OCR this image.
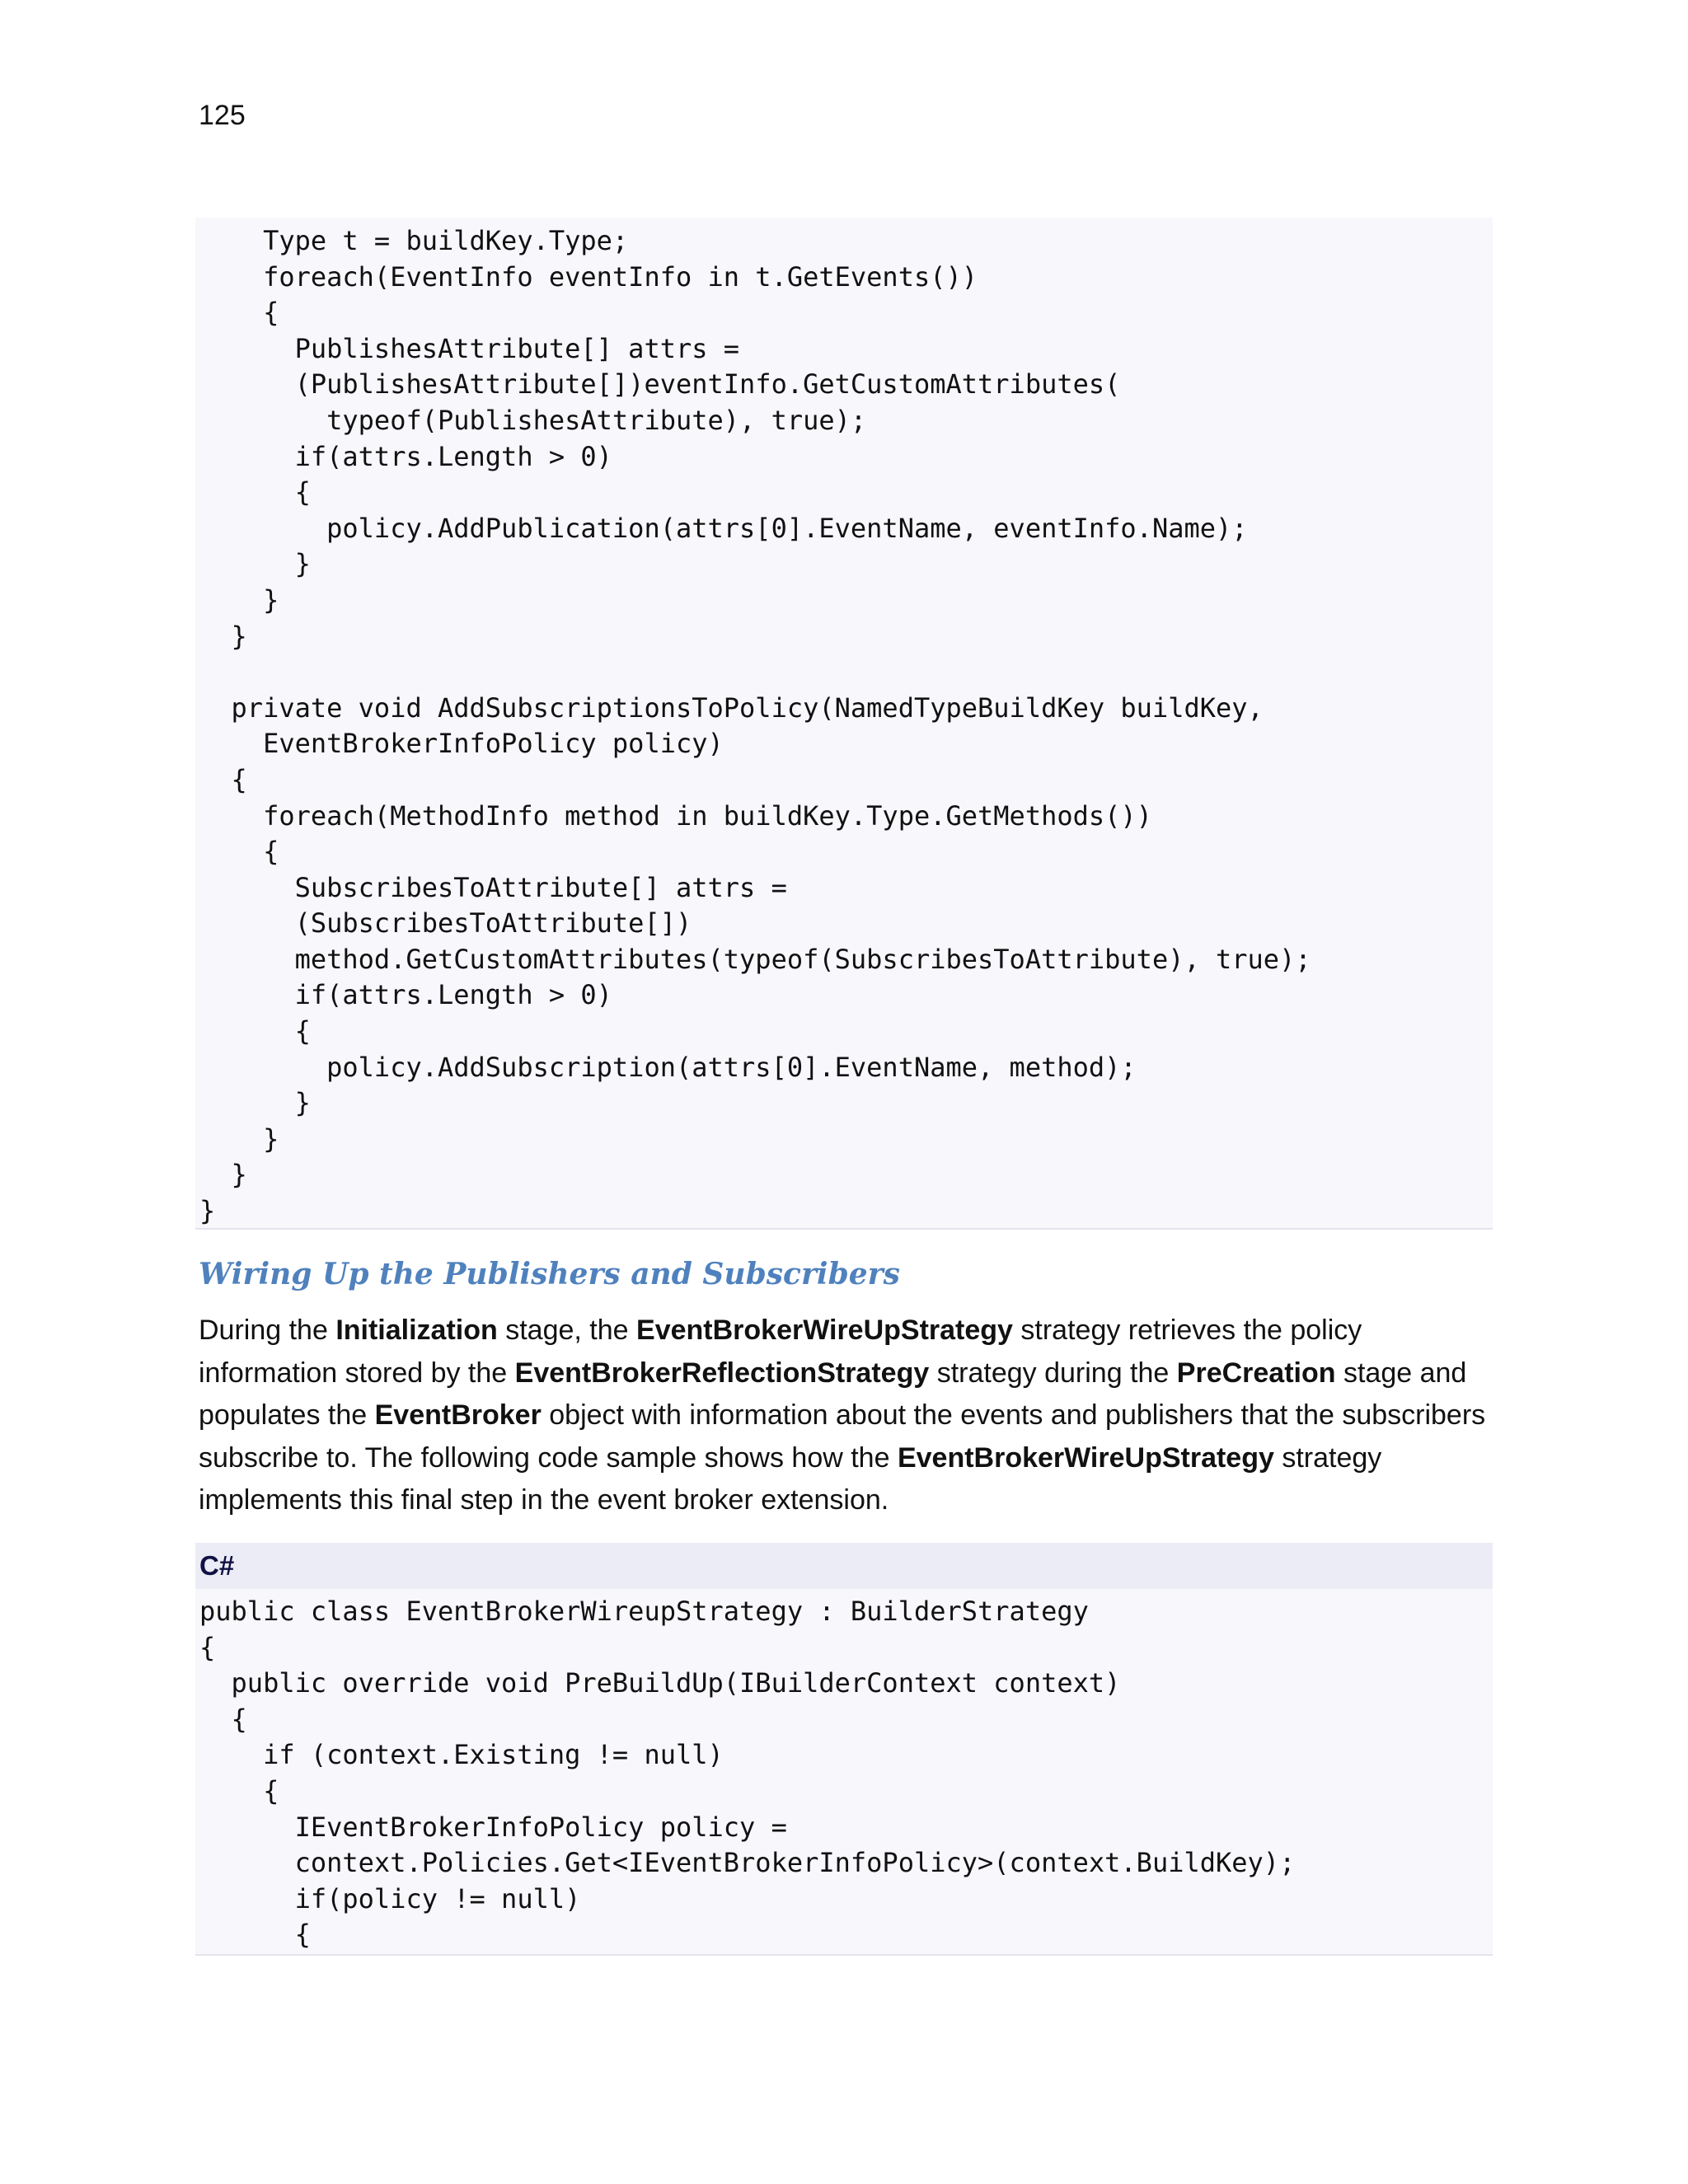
125
Type t = buildKey.Type;
foreach(EventInfo eventInfo in t.GetEvents())
{
PublishesAttribute[] attrs =
(PublishesAttribute[])eventInfo.GetCustomAttributes(
typeof(PublishesAttribute), true);
if(attrs.Length > 0)
{
policy.AddPublication(attrs[0].EventName, eventInfo.Name);
}
}
}

private void AddSubscriptionsToPolicy(NamedTypeBuildKey buildKey,
EventBrokerInfoPolicy policy)
{
foreach(MethodInfo method in buildKey.Type.GetMethods())
{
SubscribesToAttribute[] attrs =
(SubscribesToAttribute[])
method.GetCustomAttributes(typeof(SubscribesToAttribute), true);
if(attrs.Length > 0)
{
policy.AddSubscription(attrs[0].EventName, method);
}
}
}
}
Wiring Up the Publishers and Subscribers

During the Initialization stage, the EventBrokerWireUpStrategy strategy retrieves the policy information stored by the EventBrokerReflectionStrategy strategy during the PreCreation stage and populates the EventBroker object with information about the events and publishers that the subscribers subscribe to. The following code sample shows how the EventBrokerWireUpStrategy strategy implements this final step in the event broker extension.

C#
public class EventBrokerWireupStrategy : BuilderStrategy
{
public override void PreBuildUp(IBuilderContext context)
{
if (context.Existing != null)
{
IEventBrokerInfoPolicy policy =
context.Policies.Get<IEventBrokerInfoPolicy>(context.BuildKey);
if(policy != null)
{
